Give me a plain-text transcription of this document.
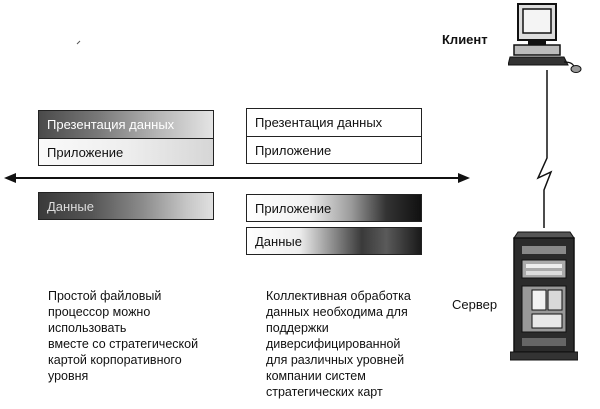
Клиент
Сервер
Презентация данных
Приложение
Данные
Презентация данных
Приложение
Приложение
Данные
Простой файловый
процессор можно
использовать
вместе со стратегической
картой корпоративного
уровня
Коллективная обработка
данных необходима для
поддержки
диверсифицированной
для различных уровней
компании систем
стратегических карт
